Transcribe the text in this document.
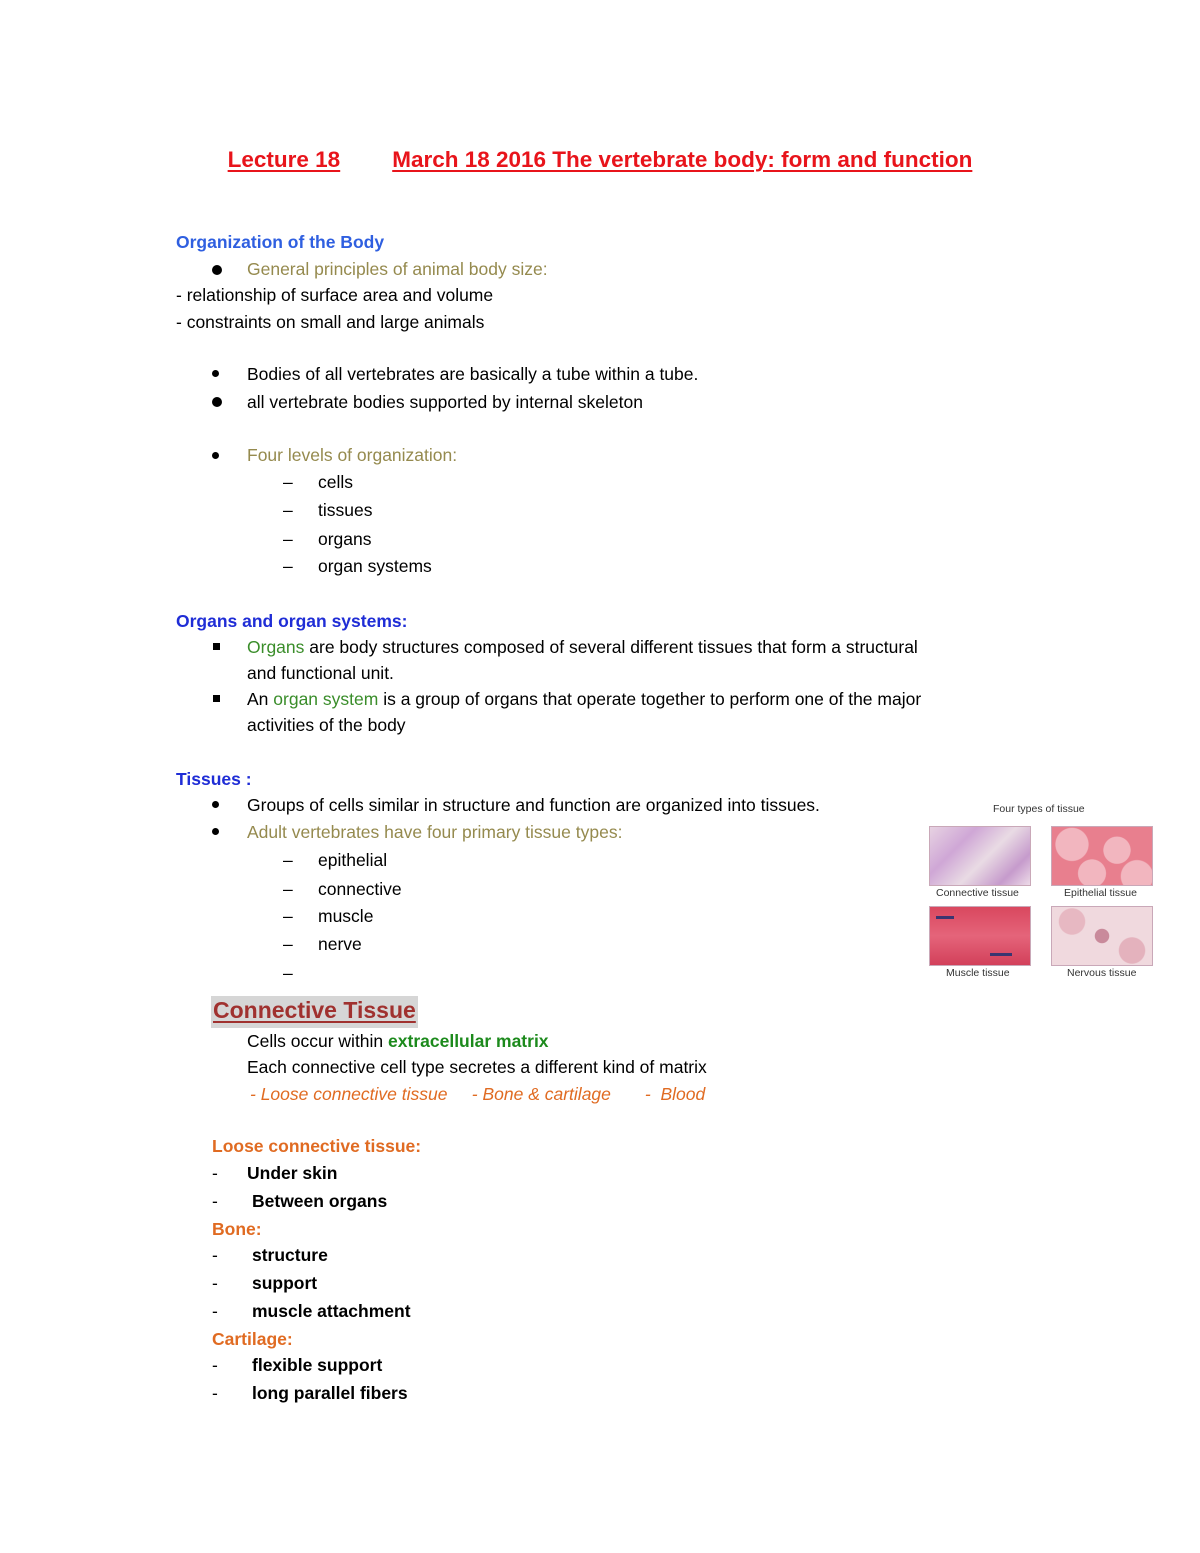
Lecture 18 March 18 2016 The vertebrate body: form and function
Organization of the Body
General principles of animal body size:
- relationship of surface area and volume
- constraints on small and large animals
Bodies of all vertebrates are basically a tube within a tube.
all vertebrate bodies supported by internal skeleton
Four levels of organization:
– cells
– tissues
– organs
– organ systems
Organs and organ systems:
Organs are body structures composed of several different tissues that form a structural
and functional unit.
An organ system is a group of organs that operate together to perform one of the major
activities of the body
Tissues :
Groups of cells similar in structure and function are organized into tissues.
Adult vertebrates have four primary tissue types:
– epithelial
– connective
– muscle
– nerve
–
Four types of tissue
Connective tissue	Epithelial tissue
Muscle tissue	Nervous tissue
Connective Tissue
Cells occur within extracellular matrix
Each connective cell type secretes a different kind of matrix
- Loose connective tissue     - Bone & cartilage       -  Blood
Loose connective tissue:
- Under skin
- Between organs
Bone:
- structure
- support
- muscle attachment
Cartilage:
- flexible support
- long parallel fibers
